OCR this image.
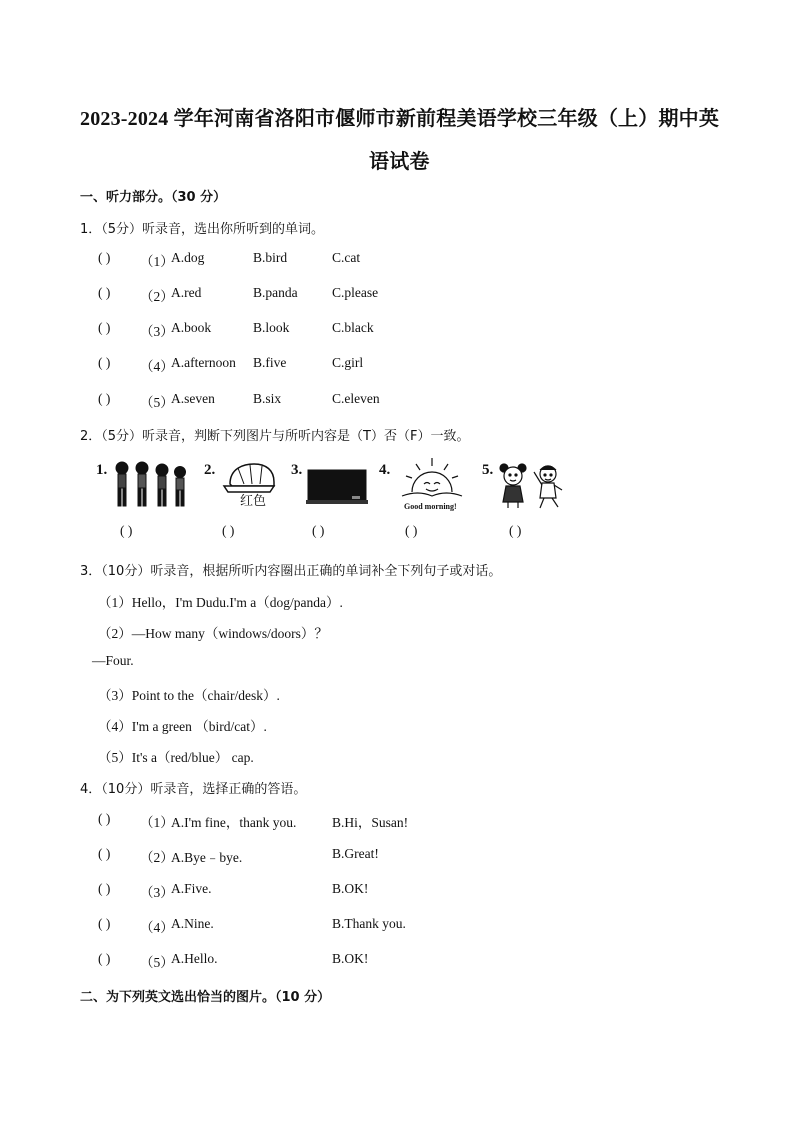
2023-2024 学年河南省洛阳市偃师市新前程美语学校三年级（上）期中英
语试卷
一、听力部分。（30 分）
1．（5分）听录音，选出你所听到的单词。
( ) （1）
A.dog	B.bird	C.cat
( ) （2）
A.red	B.panda	C.please
( ) （3）
A.book	B.look	C.black
( ) （4）
A.afternoon B.five	C.girl
( ) （5）
A.seven	B.six	C.eleven
2．（5分）听录音，判断下列图片与所听内容是（T）否（F）一致。
1.	2.
红色
3.	4.
Good morning!
5.
( )	( )	( )	( )	( )
3．（10分）听录音，根据所听内容圈出正确的单词补全下列句子或对话。
（1）Hello，I'm Dudu.I'm a（dog/panda）.
（2）—How many（windows/doors）？
—Four.
（3）Point to the（chair/desk）.
（4）I'm a green （bird/cat）.
（5）It's a（red/blue） cap.
4．（10分）听录音，选择正确的答语。
( ) （1）
A.I'm fine，thank you.	B.Hi，Susan!
( ) （2）
A.Bye﹣bye.	B.Great!
( ) （3）
A.Five.	B.OK!
( ) （4）
A.Nine.	B.Thank you.
( ) （5）
A.Hello.	B.OK!
二、为下列英文选出恰当的图片。（10 分）
